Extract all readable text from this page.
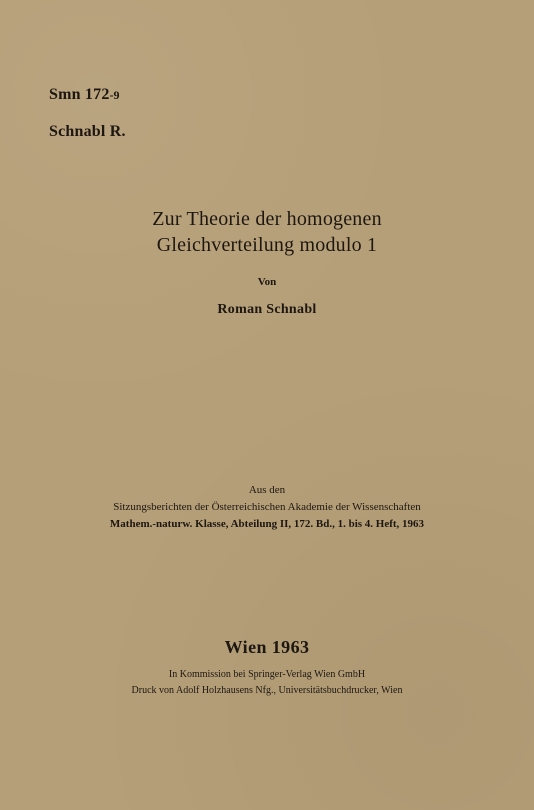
Smn 172-9

Schnabl R.

Zur Theorie der homogenen
Gleichverteilung modulo 1

Von

Roman Schnabl

Aus den
Sitzungsberichten der Österreichischen Akademie der Wissenschaften
Mathem.-naturw. Klasse, Abteilung II, 172. Bd., 1. bis 4. Heft, 1963

Wien 1963

In Kommission bei Springer-Verlag Wien GmbH
Druck von Adolf Holzhausens Nfg., Universitätsbuchdrucker, Wien
